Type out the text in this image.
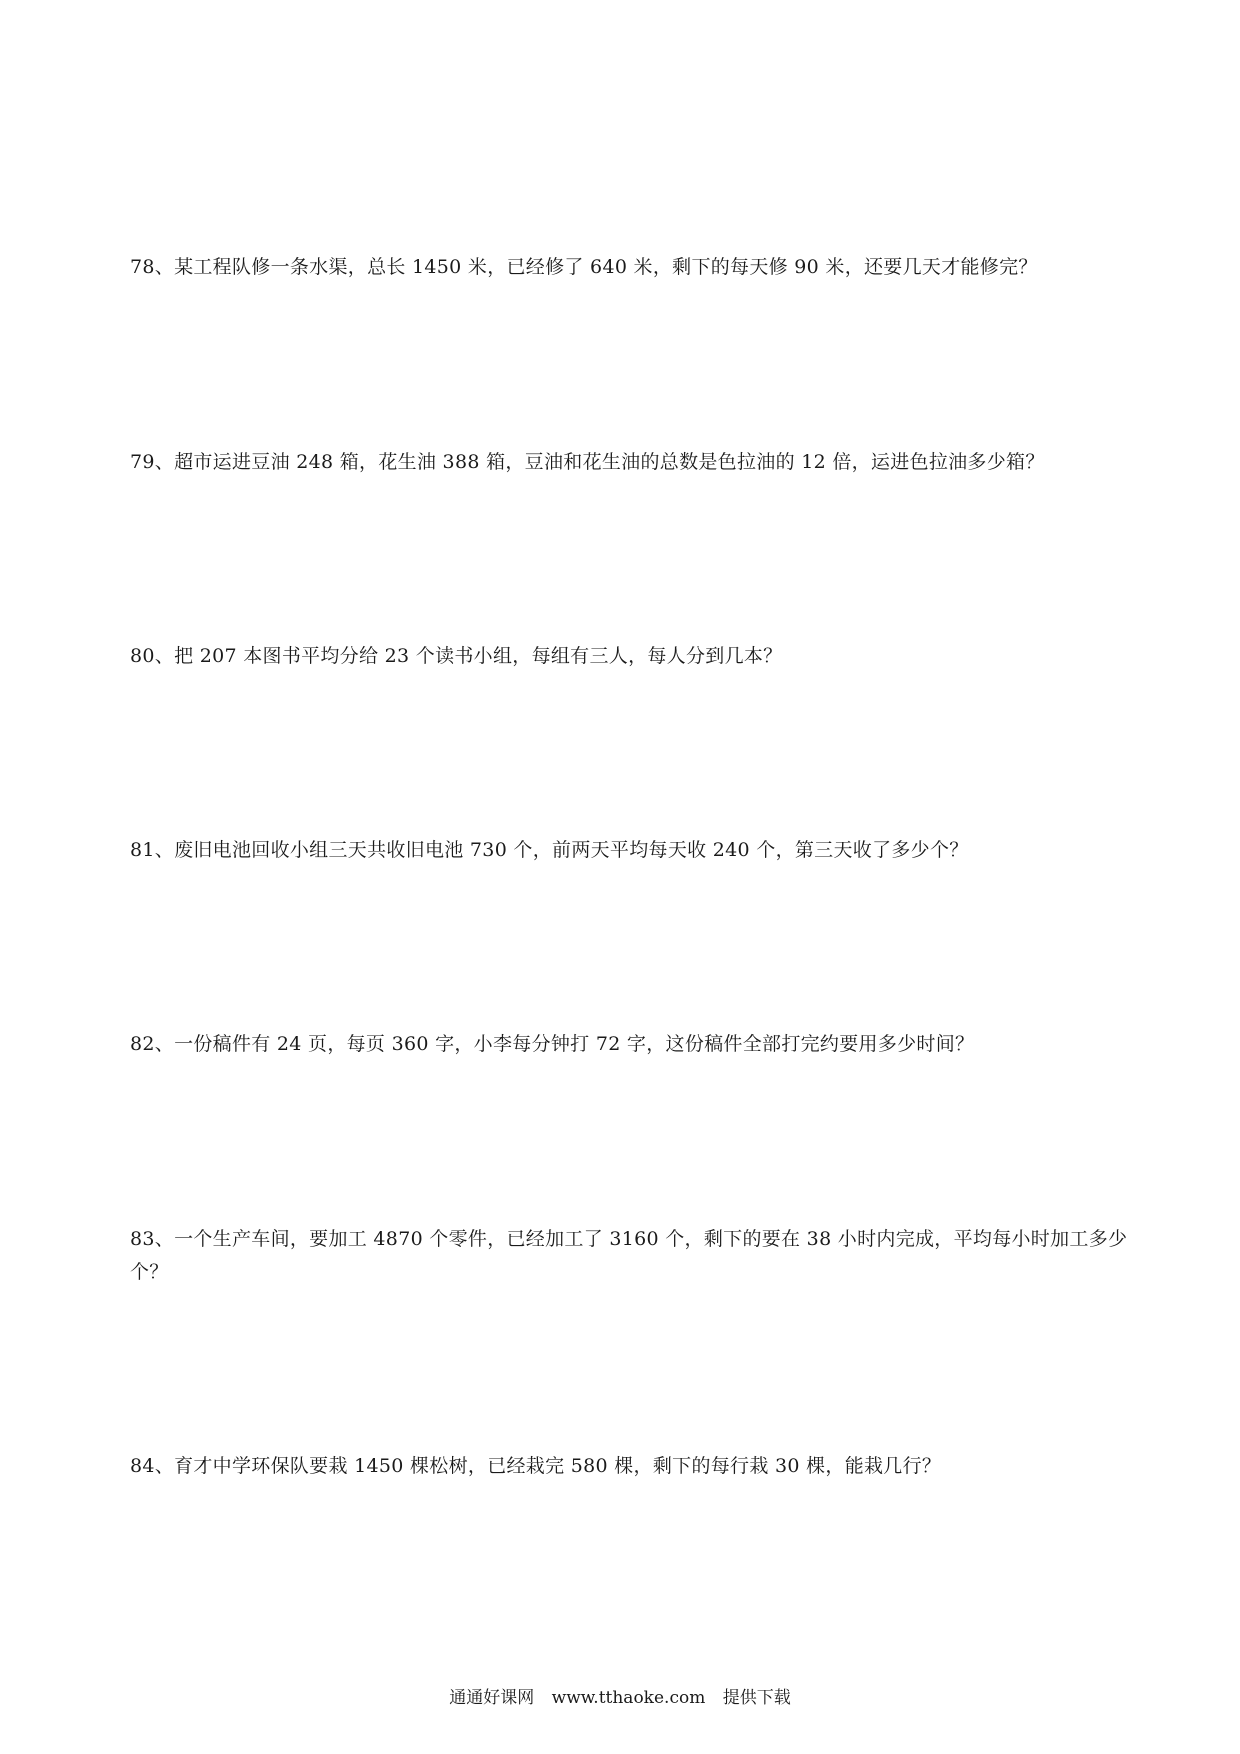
78、某工程队修一条水渠，总长 1450 米，已经修了 640 米，剩下的每天修 90 米，还要几天才能修完？
79、超市运进豆油 248 箱，花生油 388 箱，豆油和花生油的总数是色拉油的 12 倍，运进色拉油多少箱？
80、把 207 本图书平均分给 23 个读书小组，每组有三人，每人分到几本？
81、废旧电池回收小组三天共收旧电池 730 个，前两天平均每天收 240 个，第三天收了多少个？
82、一份稿件有 24 页，每页 360 字，小李每分钟打 72 字，这份稿件全部打完约要用多少时间？
83、一个生产车间，要加工 4870 个零件，已经加工了 3160 个，剩下的要在 38 小时内完成，平均每小时加工多少个？
84、育才中学环保队要栽 1450 棵松树，已经栽完 580 棵，剩下的每行栽 30 棵，能栽几行？
通通好课网 www.tthaoke.com 提供下载
